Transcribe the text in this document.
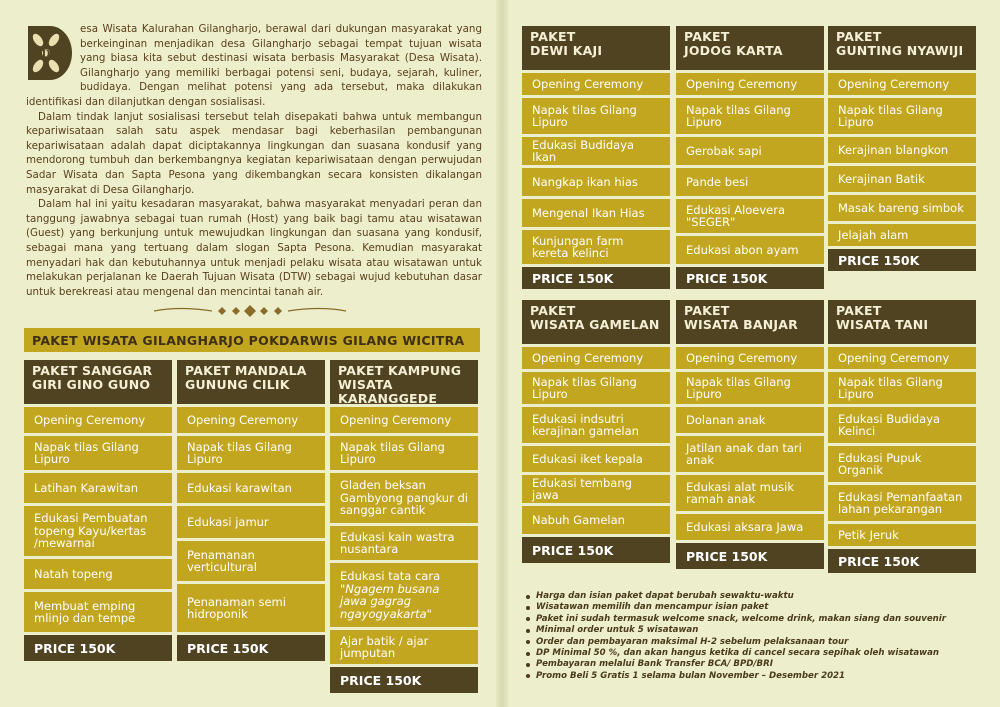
D
esa Wisata Kalurahan Gilangharjo, berawal dari dukungan masyarakat yang berkeinginan menjadikan desa Gilangharjo sebagai tempat tujuan wisata yang biasa kita sebut destinasi wisata berbasis Masyarakat (Desa Wisata). Gilangharjo yang memiliki berbagai potensi seni, budaya, sejarah, kuliner, budidaya. Dengan melihat potensi yang ada tersebut, maka dilakukan identifikasi dan dilanjutkan dengan sosialisasi.

Dalam tindak lanjut sosialisasi tersebut telah disepakati bahwa untuk membangun kepariwisataan salah satu aspek mendasar bagi keberhasilan pembangunan kepariwisataan adalah dapat diciptakannya lingkungan dan suasana kondusif yang mendorong tumbuh dan berkembangnya kegiatan kepariwisataan dengan perwujudan Sadar Wisata dan Sapta Pesona yang dikembangkan secara konsisten dikalangan masyarakat di Desa Gilangharjo.

Dalam hal ini yaitu kesadaran masyarakat, bahwa masyarakat menyadari peran dan tanggung jawabnya sebagai tuan rumah (Host) yang baik bagi tamu atau wisatawan (Guest) yang berkunjung untuk mewujudkan lingkungan dan suasana yang kondusif, sebagai mana yang tertuang dalam slogan Sapta Pesona. Kemudian masyarakat menyadari hak dan kebutuhannya untuk menjadi pelaku wisata atau wisatawan untuk melakukan perjalanan ke Daerah Tujuan Wisata (DTW) sebagai wujud kebutuhan dasar untuk berekreasi atau mengenal dan mencintai tanah air.

PAKET WISATA GILANGHARJO POKDARWIS GILANG WICITRA
PAKET SANGGAR
GIRI GINO GUNO
Opening Ceremony
Napak tilas Gilang Lipuro
Latihan Karawitan
Edukasi Pembuatan topeng Kayu/kertas /mewarnai
Natah topeng
Membuat emping mlinjo dan tempe
PRICE 150K
PAKET MANDALA
GUNUNG CILIK
Opening Ceremony
Napak tilas Gilang Lipuro
Edukasi karawitan
Edukasi jamur
Penamanan verticultural
Penanaman semi hidroponik
PRICE 150K
PAKET KAMPUNG
WISATA KARANGGEDE
Opening Ceremony
Napak tilas Gilang Lipuro
Gladen beksan Gambyong pangkur di sanggar cantik
Edukasi kain wastra nusantara
Edukasi tata cara
"Ngagem busana jawa gagrag ngayogyakarta"
Ajar batik / ajar jumputan
PRICE 150K
PAKET
DEWI KAJI
Opening Ceremony
Napak tilas Gilang Lipuro
Edukasi Budidaya Ikan
Nangkap ikan hias
Mengenal Ikan Hias
Kunjungan farm kereta kelinci
PRICE 150K
PAKET
JODOG KARTA
Opening Ceremony
Napak tilas Gilang Lipuro
Gerobak sapi
Pande besi
Edukasi Aloevera "SEGER"
Edukasi abon ayam
PRICE 150K
PAKET
GUNTING NYAWIJI
Opening Ceremony
Napak tilas Gilang Lipuro
Kerajinan blangkon
Kerajinan Batik
Masak bareng simbok
Jelajah alam
PRICE 150K
PAKET
WISATA GAMELAN
Opening Ceremony
Napak tilas Gilang Lipuro
Edukasi indsutri kerajinan gamelan
Edukasi iket kepala
Edukasi tembang jawa
Nabuh Gamelan
PRICE 150K
PAKET
WISATA BANJAR
Opening Ceremony
Napak tilas Gilang Lipuro
Dolanan anak
Jatilan anak dan tari anak
Edukasi alat musik ramah anak
Edukasi aksara Jawa
PRICE 150K
PAKET
WISATA TANI
Opening Ceremony
Napak tilas Gilang Lipuro
Edukasi Budidaya Kelinci
Edukasi Pupuk Organik
Edukasi Pemanfaatan lahan pekarangan
Petik Jeruk
PRICE 150K
Harga dan isian paket dapat berubah sewaktu-waktu
Wisatawan memilih dan mencampur isian paket
Paket ini sudah termasuk welcome snack, welcome drink, makan siang dan souvenir
Minimal order untuk 5 wisatawan
Order dan pembayaran maksimal H-2 sebelum pelaksanaan tour
DP Minimal 50 %, dan akan hangus ketika di cancel secara sepihak oleh wisatawan
Pembayaran melalui Bank Transfer BCA/ BPD/BRI
Promo Beli 5 Gratis 1 selama bulan November – Desember 2021
